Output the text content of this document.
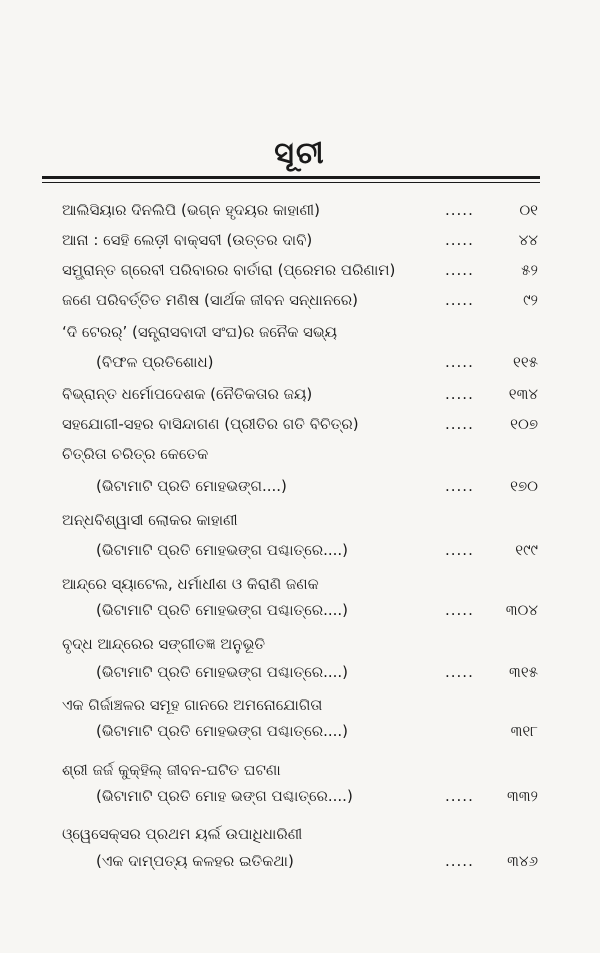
ସୂଚୀ
ଆଲିସିୟାର ଦିନଲିପି (ଭଗ୍ନ ହୃଦୟର କାହାଣୀ)	.....	୦୧
ଆନା : ସେହି ଲେଡ଼ୀ ବାକ୍ସବୀ (ଉତ୍ତର ଦାବି)	.....	୪୪
ସମ୍ଭ୍ରାନ୍ତ ଗ୍ରେବୀ ପରିବାରର ବାର୍ତାରା (ପ୍ରେମର ପରିଣାମ)	.....	୫୨
ଜଣେ ପରିବର୍ତ୍ତିତ ମଣିଷ (ସାର୍ଥକ ଜୀବନ ସନ୍ଧାନରେ)	.....	୯୨
‘ଦି ଟେରର୍’ (ସନ୍ତ୍ରାସବାଦୀ ସଂଘ)ର ଜନୈକ ସଭ୍ୟ
(ବିଫଳ ପ୍ରତିଶୋଧ)	.....	୧୧୫
ବିଭ୍ରାନ୍ତ ଧର୍ମୋପଦେଶକ (ନୈତିକତାର ଜୟ)	..... ୧୩୪
ସହଯୋଗୀ-ସହର ବାସିନ୍ଦାଗଣ (ପ୍ରୀତିର ଗତି ବିଚିତ୍ର)	..... ୧୦୭
ଚିତ୍ରିତା ଚରିତ୍ର କେତେକ
(ଭିଟାମାଟି ପ୍ରତି ମୋହଭଙ୍ଗ....)	..... ୧୭୦
ଅନ୍ଧବିଶ୍ୱାସୀ ଲୋକର କାହାଣୀ
(ଭିଟାମାଟି ପ୍ରତି ମୋହଭଙ୍ଗ ପଶ୍ଚାତ୍‌ରେ....)	.....	୧୯୯
ଆନ୍ଦ୍ରେ ସ୍ୟାଟେଲ, ଧର୍ମାଧୀଶ ଓ କିରାଣି ଜଣକ
(ଭିଟାମାଟି ପ୍ରତି ମୋହଭଙ୍ଗ ପଶ୍ଚାତ୍‌ରେ....)	..... ୩୦୪
ବୃଦ୍ଧ ଆନ୍ଦ୍ରେର ସଙ୍ଗୀତଜ୍ଞ ଅନୁଭୂତି
(ଭିଟାମାଟି ପ୍ରତି ମୋହଭଙ୍ଗ ପଶ୍ଚାତ୍‌ରେ....)	..... ୩୧୫
ଏକ ଗିର୍ଜାଞ୍ଚଳର ସମୂହ ଗାନରେ ଅମନୋଯୋଗିତା
(ଭିଟାମାଟି ପ୍ରତି ମୋହଭଙ୍ଗ ପଶ୍ଚାତ୍‌ରେ....)	୩୧୮
ଶ୍ରୀ ଜର୍ଜ କୁକ୍‌ହିଲ୍ ଜୀବନ-ଘଟିତ ଘଟଣା
(ଭିଟାମାଟି ପ୍ରତି ମୋହ ଭଙ୍ଗ ପଶ୍ଚାତ୍‌ରେ....)	..... ୩୩୨
ଓ୍ୱେସେକ୍ସର ପ୍ରଥମ ୟର୍ଲ ଉପାଧିଧାରିଣୀ
(ଏକ ଦାମ୍ପତ୍ୟ କଳହର ଇତିକଥା)	..... ୩୪୬
